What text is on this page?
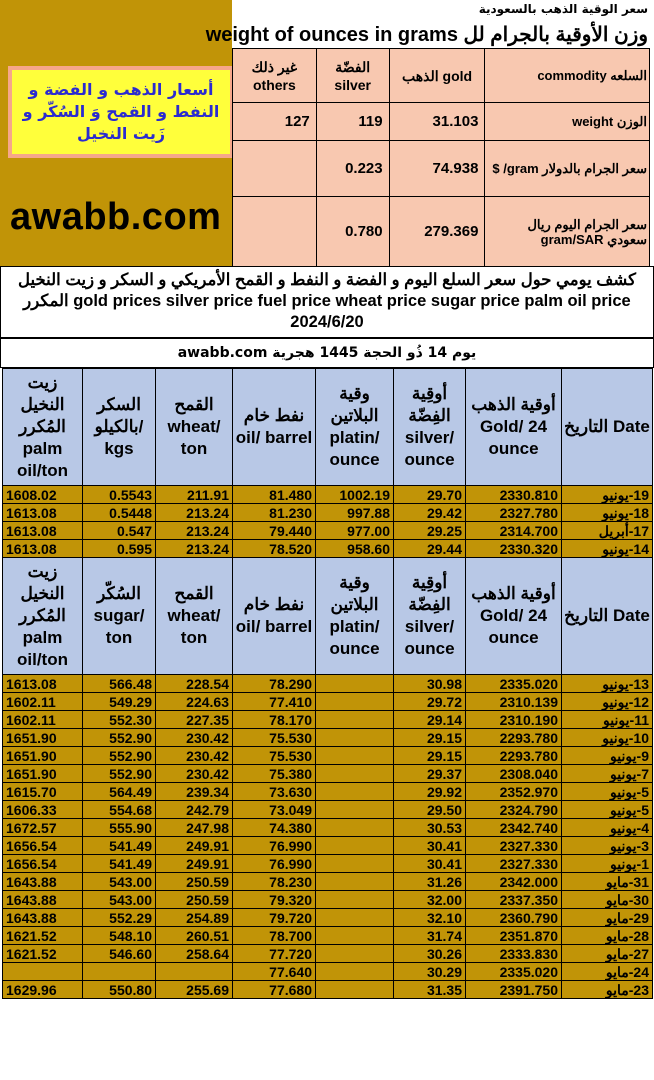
أسعار الذهب و الفضة و النفط و القمح وَ السُكّر و زَيت النخيل
awabb.com
سعر الوقية الذهب بالسعودية
weight of ounces in grams وزن الأوقية بالجرام لل
غير ذلك others	الفضّة silver	الذهب gold	السلعه commodity
127	119	31.103	الوزن weight
	0.223	74.938	سعر الجرام بالدولار gram/ $
	0.780	279.369	سعر الجرام اليوم ريال سعودي gram/SAR
كشف يومي حول سعر السلع اليوم و الفضة و النفط و القمح الأمريكي و السكر و زيت النخيل المكرر gold prices silver price fuel price wheat price sugar price palm oil price 2024/6/20
يوم 14 ذُو الحجة 1445 هجرية awabb.com
زيت النخيل المُكرر palm oil/ton	السكر بالكيلو/ kgs	القمح wheat/ ton	نفط خام oil/ barrel	وقية البلاتين platin/ ounce	أوقِية الفِضّة silver/ ounce	أوقية الذهب Gold/ 24 ounce	التاريخ Date
1608.02	0.5543	211.91	81.480	1002.19	29.70	2330.810	19-يونيو
1613.08	0.5448	213.24	81.230	997.88	29.42	2327.780	18-يونيو
1613.08	0.547	213.24	79.440	977.00	29.25	2314.700	17-أبريل
1613.08	0.595	213.24	78.520	958.60	29.44	2330.320	14-يونيو
زيت النخيل المُكرر palm oil/ton	السُكّر sugar/ ton	القمح wheat/ ton	نفط خام oil/ barrel	وقية البلاتين platin/ ounce	أوقِية الفِضّة silver/ ounce	أوقية الذهب Gold/ 24 ounce	التاريخ Date
1613.08	566.48	228.54	78.290		30.98	2335.020	13-يونيو
1602.11	549.29	224.63	77.410		29.72	2310.139	12-يونيو
1602.11	552.30	227.35	78.170		29.14	2310.190	11-يونيو
1651.90	552.90	230.42	75.530		29.15	2293.780	10-يونيو
1651.90	552.90	230.42	75.530		29.15	2293.780	9-يونيو
1651.90	552.90	230.42	75.380		29.37	2308.040	7-يونيو
1615.70	564.49	239.34	73.630		29.92	2352.970	5-يونيو
1606.33	554.68	242.79	73.049		29.50	2324.790	5-يونيو
1672.57	555.90	247.98	74.380		30.53	2342.740	4-يونيو
1656.54	541.49	249.91	76.990		30.41	2327.330	3-يونيو
1656.54	541.49	249.91	76.990		30.41	2327.330	1-يونيو
1643.88	543.00	250.59	78.230		31.26	2342.000	31-مايو
1643.88	543.00	250.59	79.320		32.00	2337.350	30-مايو
1643.88	552.29	254.89	79.720		32.10	2360.790	29-مايو
1621.52	548.10	260.51	78.700		31.74	2351.870	28-مايو
1621.52	546.60	258.64	77.720		30.26	2333.830	27-مايو
			77.640		30.29	2335.020	24-مايو
1629.96	550.80	255.69	77.680		31.35	2391.750	23-مايو
